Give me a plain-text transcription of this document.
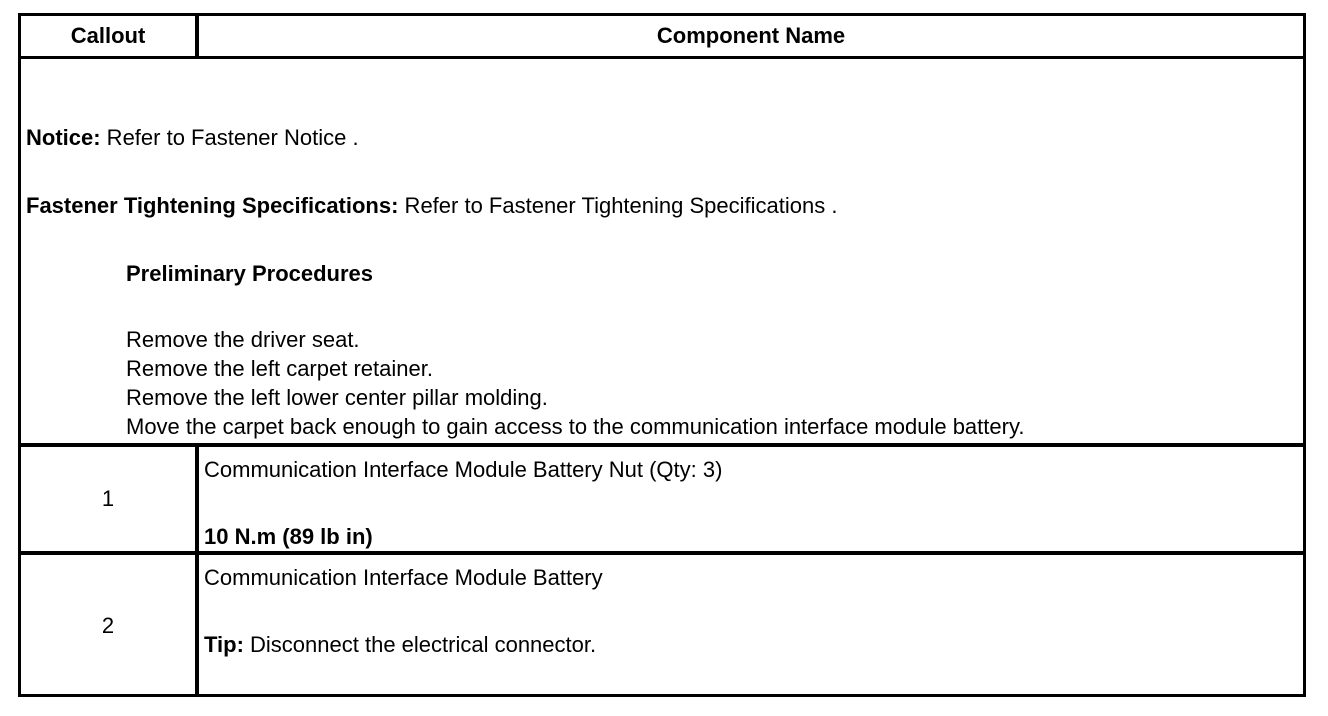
Callout	Component Name
Notice: Refer to Fastener Notice .
Fastener Tightening Specifications: Refer to Fastener Tightening Specifications .
Preliminary Procedures
Remove the driver seat.
Remove the left carpet retainer.
Remove the left lower center pillar molding.
Move the carpet back enough to gain access to the communication interface module battery.
1
Communication Interface Module Battery Nut (Qty: 3)
10 N.m (89 lb in)
2
Communication Interface Module Battery
Tip: Disconnect the electrical connector.
